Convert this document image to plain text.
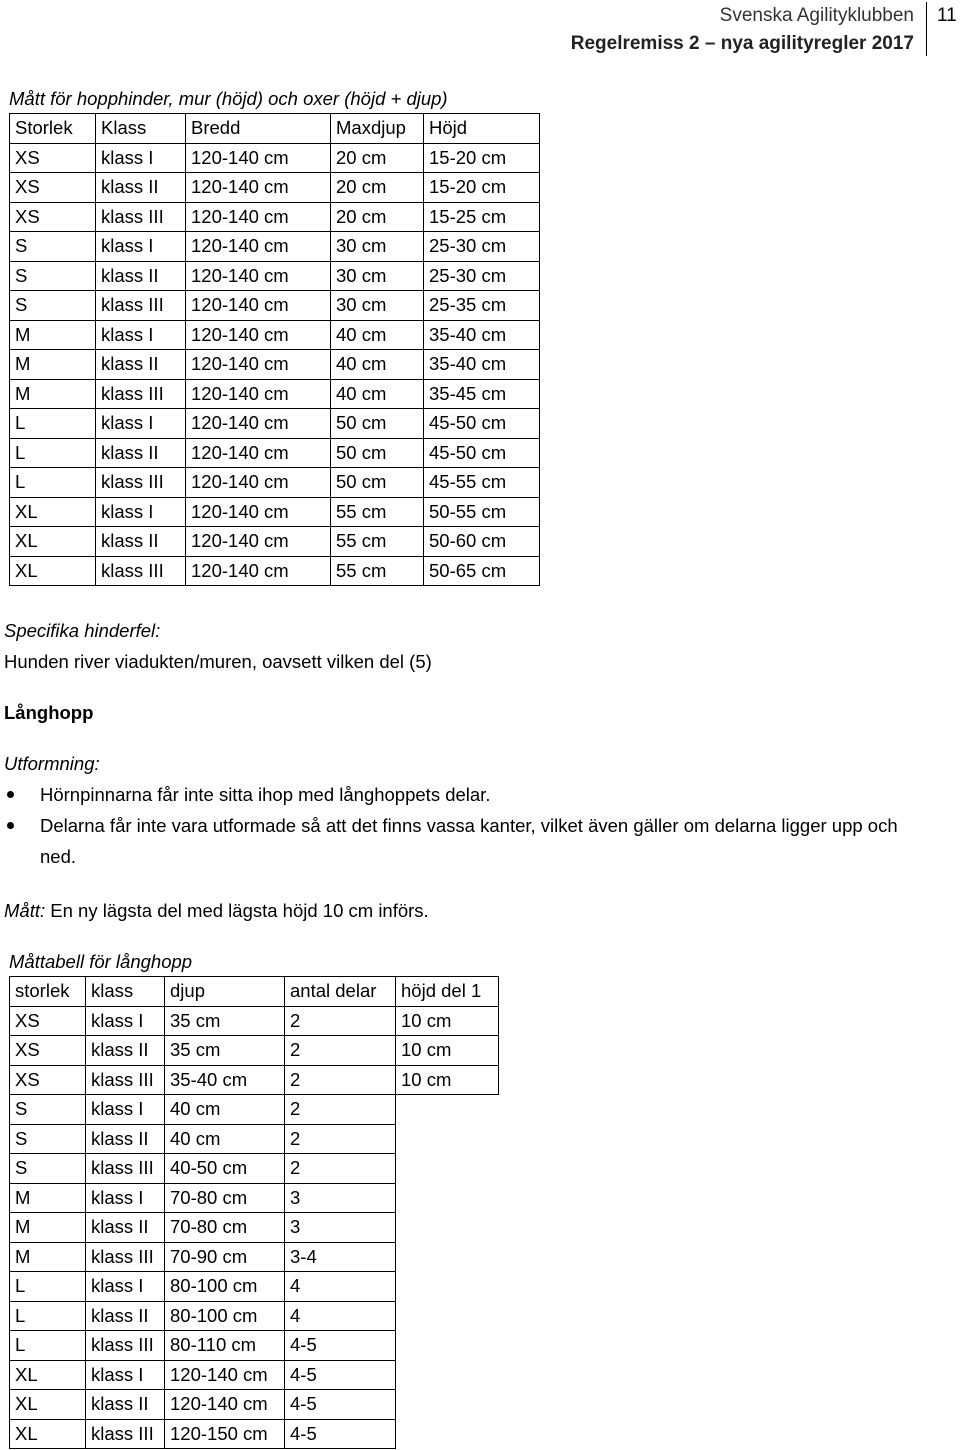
Svenska Agilityklubben
Regelremiss 2 – nya agilityregler 2017
11
Mått för hopphinder, mur (höjd) och oxer (höjd + djup)
Storlek	Klass	Bredd	Maxdjup	Höjd
XS	klass I	120-140 cm	20 cm	15-20 cm
XS	klass II	120-140 cm	20 cm	15-20 cm
XS	klass III	120-140 cm	20 cm	15-25 cm
S	klass I	120-140 cm	30 cm	25-30 cm
S	klass II	120-140 cm	30 cm	25-30 cm
S	klass III	120-140 cm	30 cm	25-35 cm
M	klass I	120-140 cm	40 cm	35-40 cm
M	klass II	120-140 cm	40 cm	35-40 cm
M	klass III	120-140 cm	40 cm	35-45 cm
L	klass I	120-140 cm	50 cm	45-50 cm
L	klass II	120-140 cm	50 cm	45-50 cm
L	klass III	120-140 cm	50 cm	45-55 cm
XL	klass I	120-140 cm	55 cm	50-55 cm
XL	klass II	120-140 cm	55 cm	50-60 cm
XL	klass III	120-140 cm	55 cm	50-65 cm
Specifika hinderfel:
Hunden river viadukten/muren, oavsett vilken del (5)
Långhopp
Utformning:
Hörnpinnarna får inte sitta ihop med långhoppets delar.
Delarna får inte vara utformade så att det finns vassa kanter, vilket även gäller om delarna ligger upp och ned.
Mått: En ny lägsta del med lägsta höjd 10 cm införs.
Måttabell för långhopp
storlek	klass	djup	antal delar	höjd del 1
XS	klass I	35 cm	2	10 cm
XS	klass II	35 cm	2	10 cm
XS	klass III	35-40 cm	2	10 cm
S	klass I	40 cm	2	
S	klass II	40 cm	2	
S	klass III	40-50 cm	2	
M	klass I	70-80 cm	3	
M	klass II	70-80 cm	3	
M	klass III	70-90 cm	3-4	
L	klass I	80-100 cm	4	
L	klass II	80-100 cm	4	
L	klass III	80-110 cm	4-5	
XL	klass I	120-140 cm	4-5	
XL	klass II	120-140 cm	4-5	
XL	klass III	120-150 cm	4-5	
